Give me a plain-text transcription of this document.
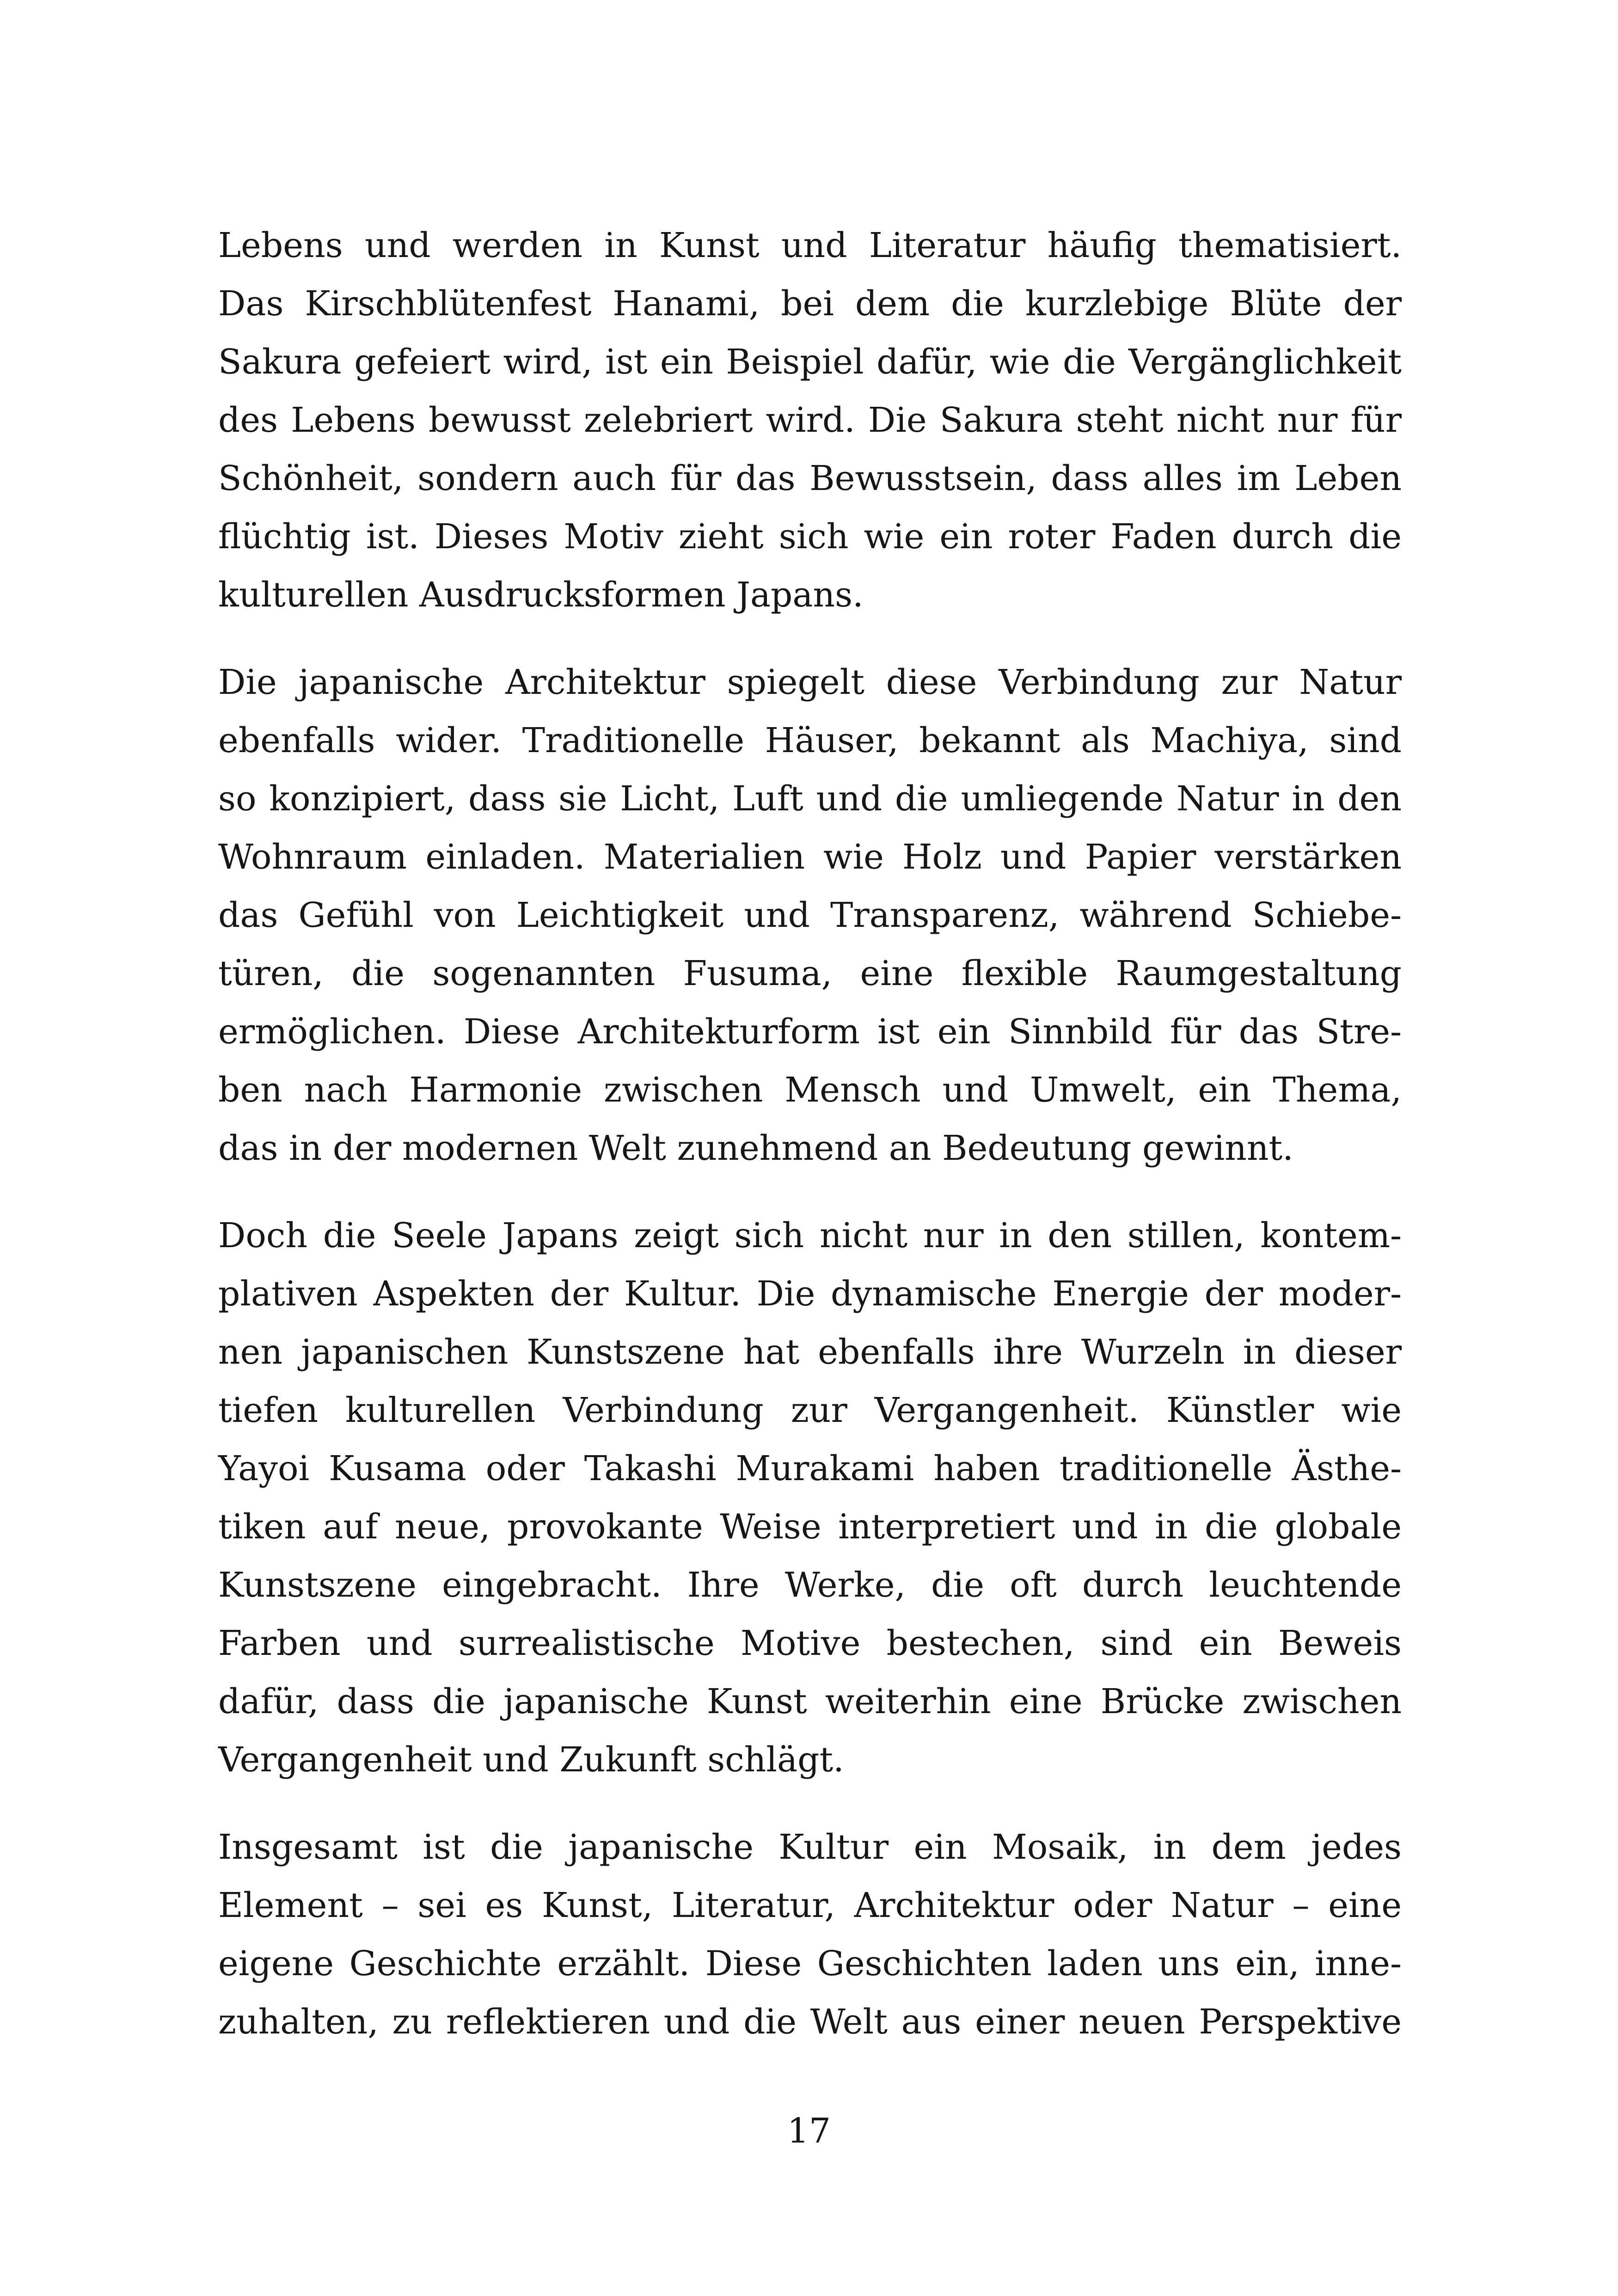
Lebens und werden in Kunst und Literatur häufig thematisiert.
Das Kirschblütenfest Hanami, bei dem die kurzlebige Blüte der
Sakura gefeiert wird, ist ein Beispiel dafür, wie die Vergänglichkeit
des Lebens bewusst zelebriert wird. Die Sakura steht nicht nur für
Schönheit, sondern auch für das Bewusstsein, dass alles im Leben
flüchtig ist. Dieses Motiv zieht sich wie ein roter Faden durch die
kulturellen Ausdrucksformen Japans.

Die japanische Architektur spiegelt diese Verbindung zur Natur
ebenfalls wider. Traditionelle Häuser, bekannt als Machiya, sind
so konzipiert, dass sie Licht, Luft und die umliegende Natur in den
Wohnraum einladen. Materialien wie Holz und Papier verstärken
das Gefühl von Leichtigkeit und Transparenz, während Schiebe-
türen, die sogenannten Fusuma, eine flexible Raumgestaltung
ermöglichen. Diese Architekturform ist ein Sinnbild für das Stre-
ben nach Harmonie zwischen Mensch und Umwelt, ein Thema,
das in der modernen Welt zunehmend an Bedeutung gewinnt.

Doch die Seele Japans zeigt sich nicht nur in den stillen, kontem-
plativen Aspekten der Kultur. Die dynamische Energie der moder-
nen japanischen Kunstszene hat ebenfalls ihre Wurzeln in dieser
tiefen kulturellen Verbindung zur Vergangenheit. Künstler wie
Yayoi Kusama oder Takashi Murakami haben traditionelle Ästhe-
tiken auf neue, provokante Weise interpretiert und in die globale
Kunstszene eingebracht. Ihre Werke, die oft durch leuchtende
Farben und surrealistische Motive bestechen, sind ein Beweis
dafür, dass die japanische Kunst weiterhin eine Brücke zwischen
Vergangenheit und Zukunft schlägt.

Insgesamt ist die japanische Kultur ein Mosaik, in dem jedes
Element – sei es Kunst, Literatur, Architektur oder Natur – eine
eigene Geschichte erzählt. Diese Geschichten laden uns ein, inne-
zuhalten, zu reflektieren und die Welt aus einer neuen Perspektive

17
